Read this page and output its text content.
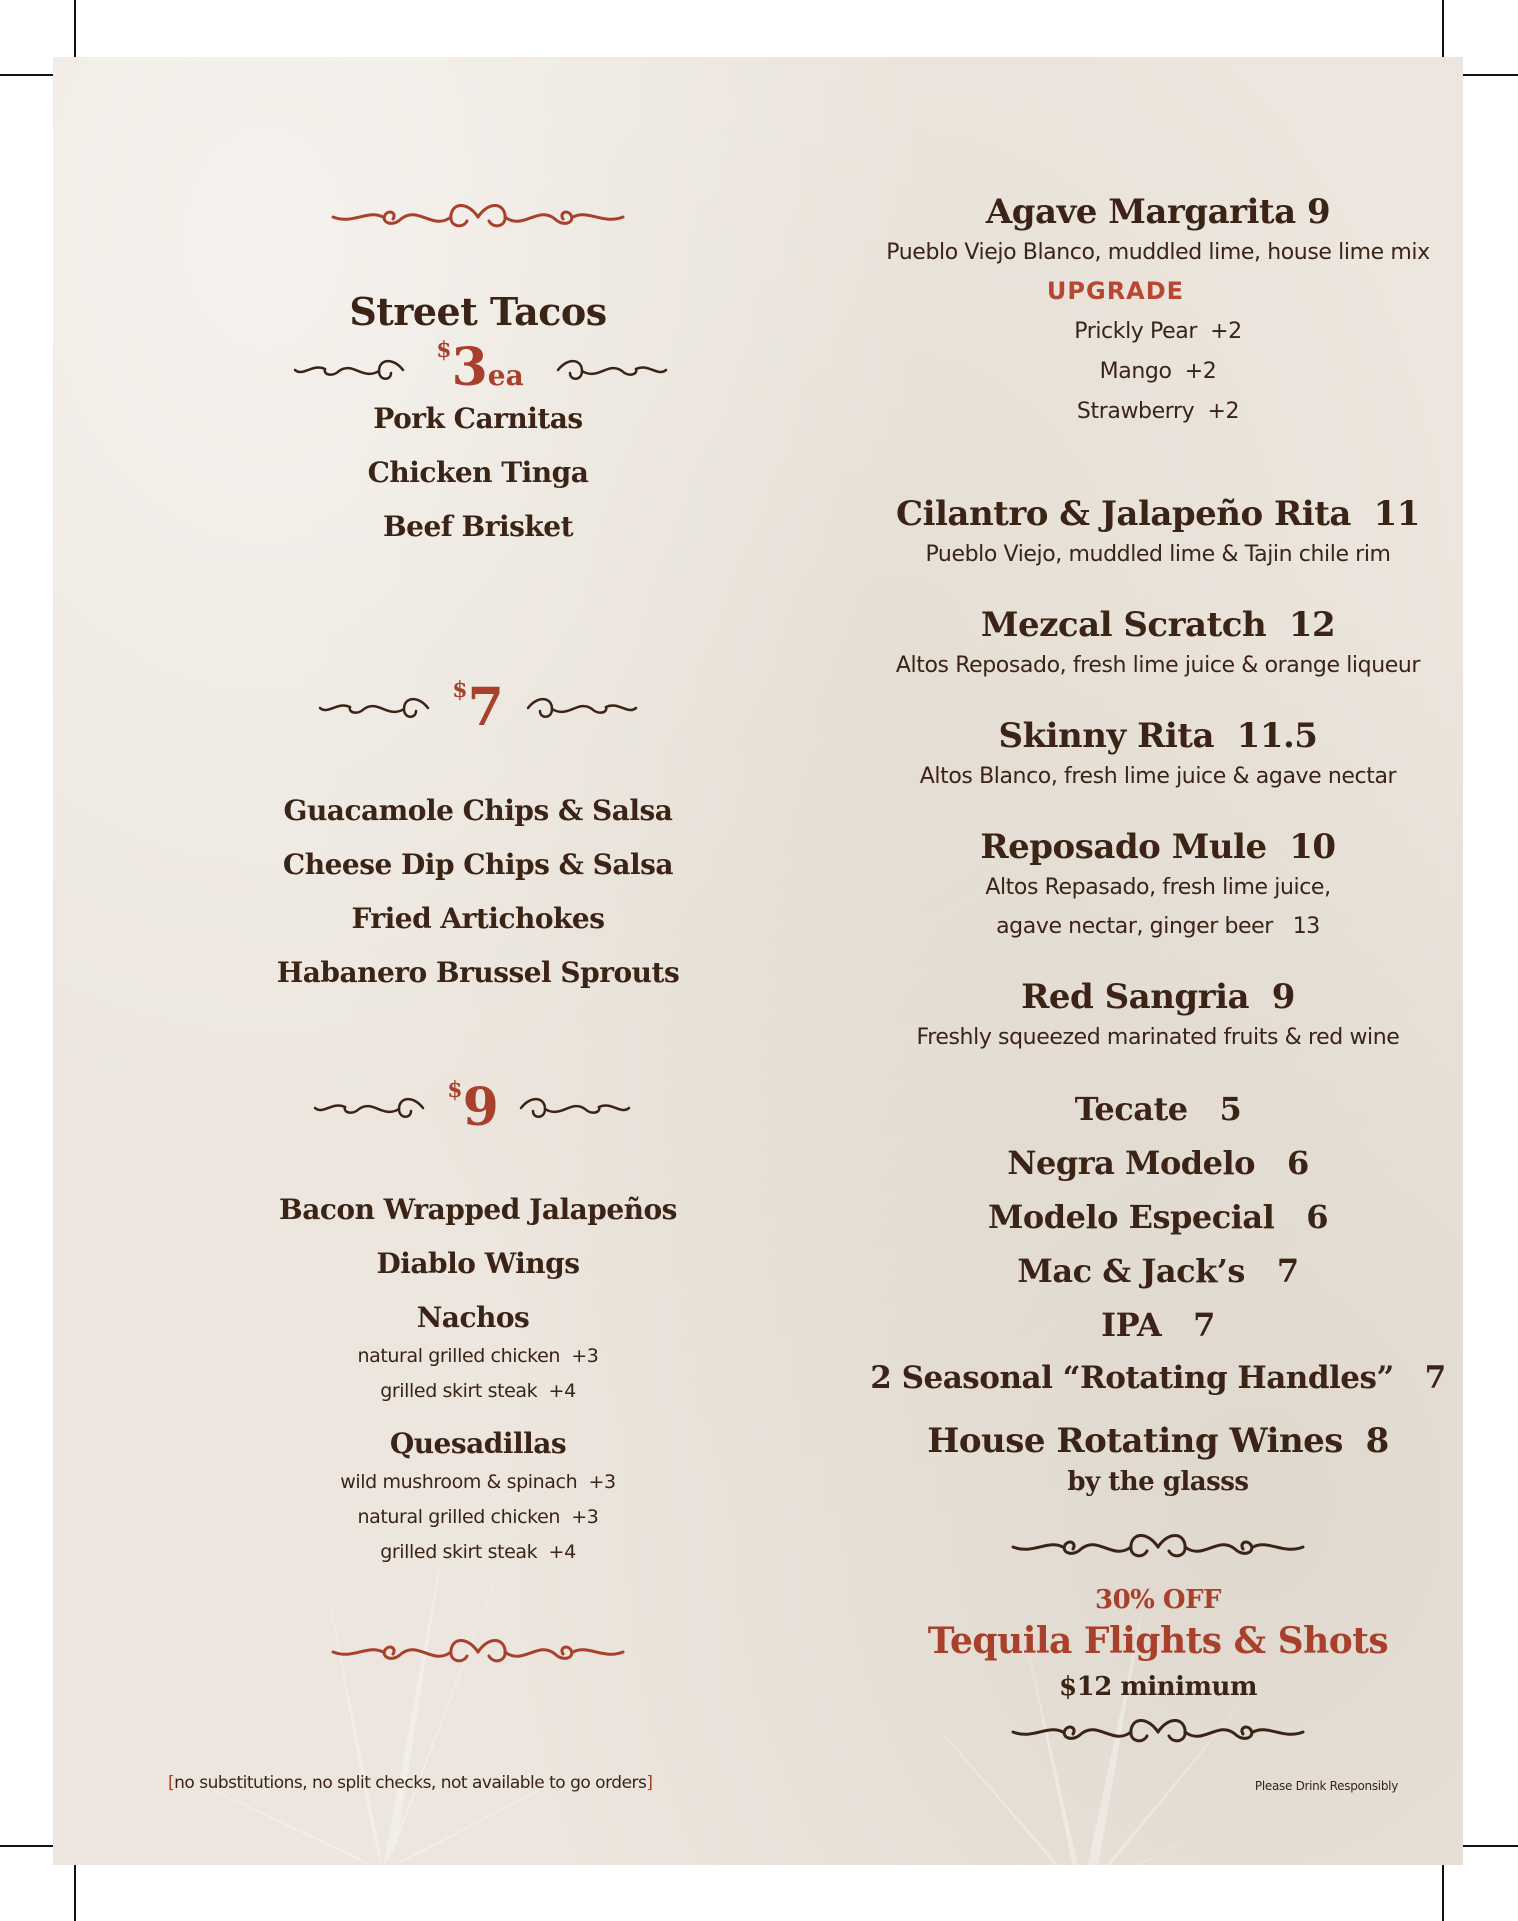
Street Tacos
$3ea
Pork Carnitas
Chicken Tinga
Beef Brisket
$7
Guacamole Chips & Salsa
Cheese Dip Chips & Salsa
Fried Artichokes
Habanero Brussel Sprouts
$9
Bacon Wrapped Jalapeños
Diablo Wings
Nachos
natural grilled chicken  +3
grilled skirt steak  +4
Quesadillas
wild mushroom & spinach  +3
natural grilled chicken  +3
grilled skirt steak  +4
Agave Margarita 9
Pueblo Viejo Blanco, muddled lime, house lime mix
UPGRADE
Prickly Pear  +2
Mango  +2
Strawberry  +2
Cilantro & Jalapeño Rita  11
Pueblo Viejo, muddled lime & Tajin chile rim
Mezcal Scratch  12
Altos Reposado, fresh lime juice & orange liqueur
Skinny Rita  11.5
Altos Blanco, fresh lime juice & agave nectar
Reposado Mule  10
Altos Repasado, fresh lime juice,
agave nectar, ginger beer   13
Red Sangria  9
Freshly squeezed marinated fruits & red wine
Tecate   5
Negra Modelo   6
Modelo Especial   6
Mac & Jack’s   7
IPA   7
2 Seasonal “Rotating Handles”   7
House Rotating Wines  8
by the glasss
30% OFF
Tequila Flights & Shots
$12 minimum
[no substitutions, no split checks, not available to go orders]	Please Drink Responsibly
